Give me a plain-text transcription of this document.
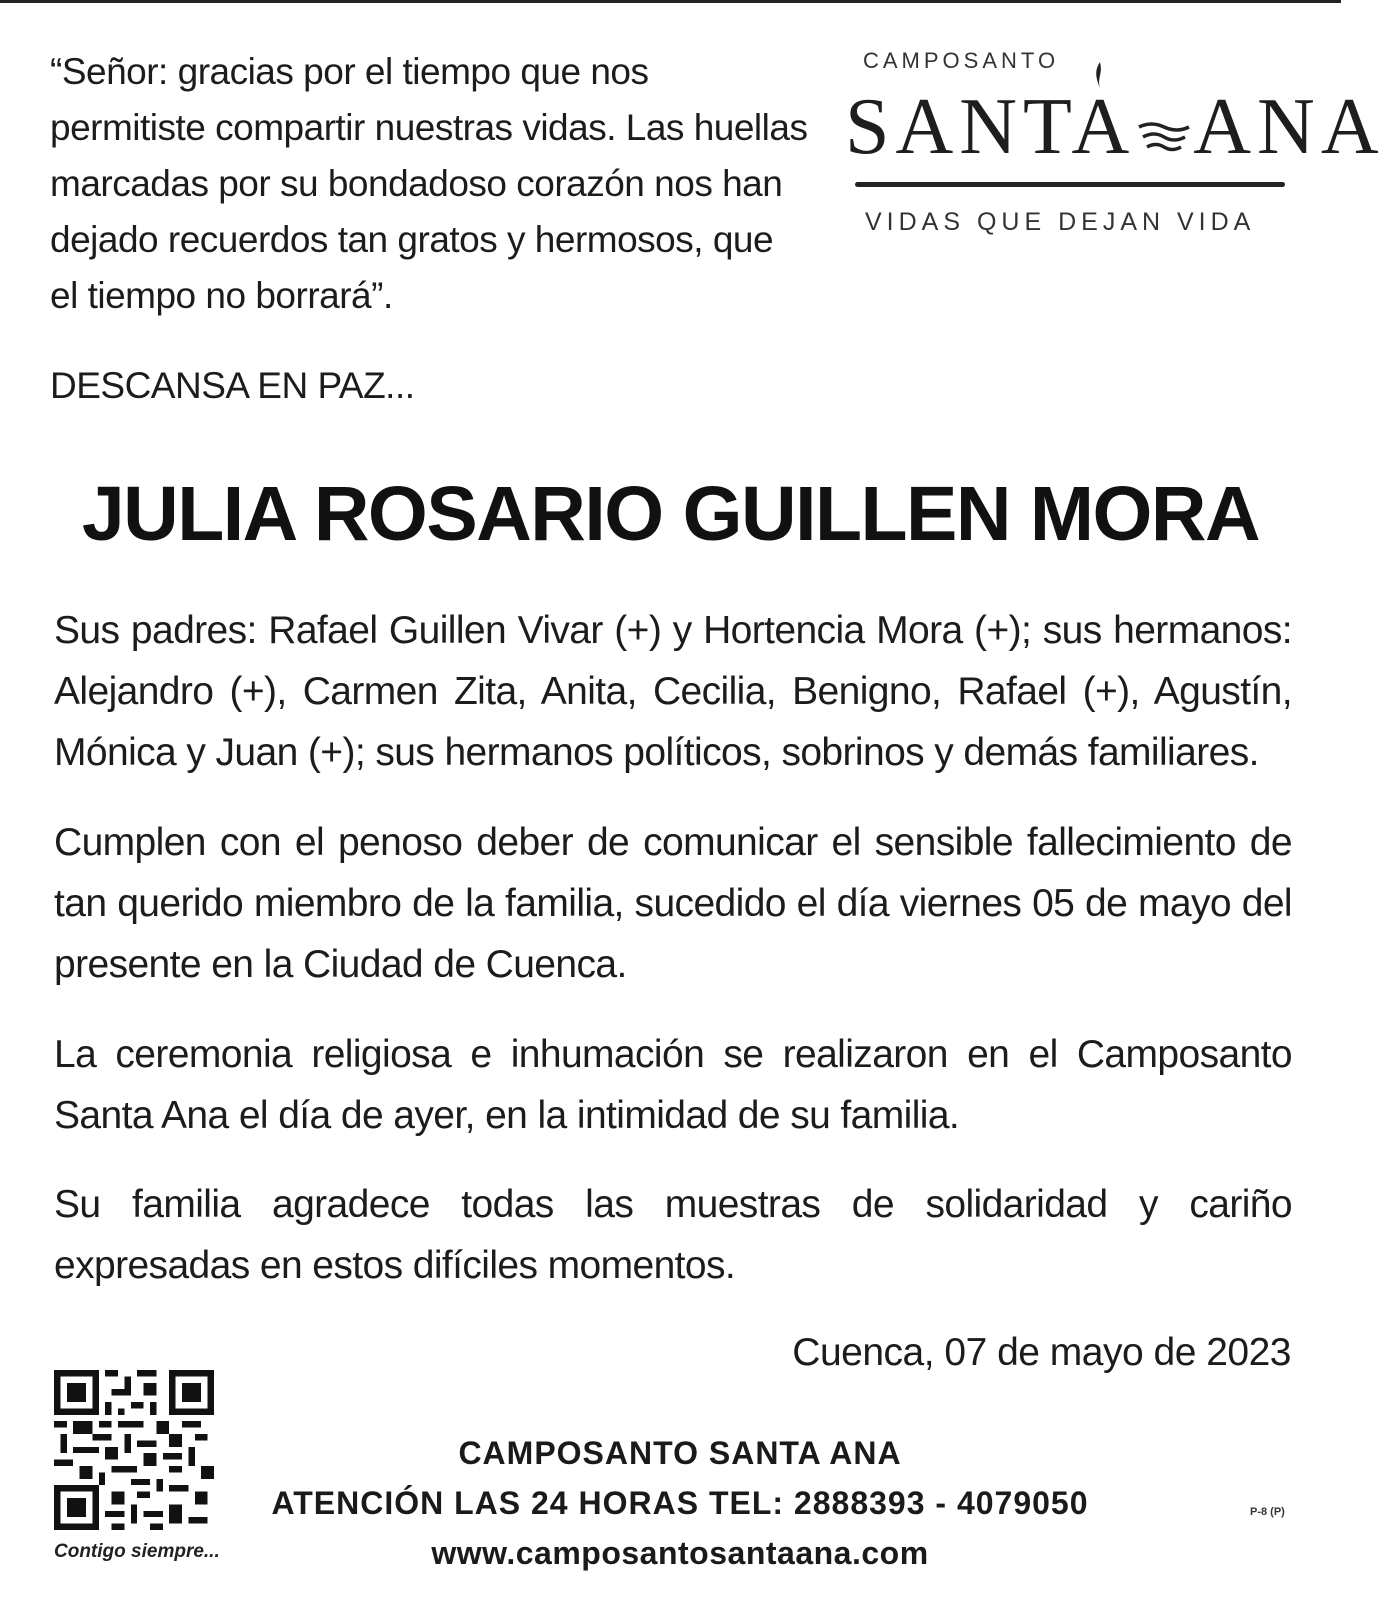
“Señor: gracias por el tiempo que nos
permitiste compartir nuestras vidas. Las huellas
marcadas por su bondadoso corazón nos han
dejado recuerdos tan gratos y hermosos, que
el tiempo no borrará”.
DESCANSA EN PAZ...
CAMPOSANTO
SANTA ANA
VIDAS QUE DEJAN VIDA
JULIA ROSARIO GUILLEN MORA
Sus padres: Rafael Guillen Vivar (+) y Hortencia Mora (+); sus hermanos: Alejandro (+), Carmen Zita, Anita, Cecilia, Benigno, Rafael (+), Agustín, Mónica y Juan (+); sus hermanos políticos, sobrinos y demás familiares.
Cumplen con el penoso deber de comunicar el sensible fallecimiento de tan querido miembro de la familia, sucedido el día viernes 05 de mayo del presente en la Ciudad de Cuenca.
La ceremonia religiosa e inhumación se realizaron en el Camposanto Santa Ana el día de ayer, en la intimidad de su familia.
Su familia agradece todas las muestras de solidaridad y cariño expresadas en estos difíciles momentos.
Cuenca, 07 de mayo de 2023
Contigo siempre...
CAMPOSANTO SANTA ANA
ATENCIÓN LAS 24 HORAS TEL: 2888393 - 4079050
www.camposantosantaana.com
P-8 (P)
